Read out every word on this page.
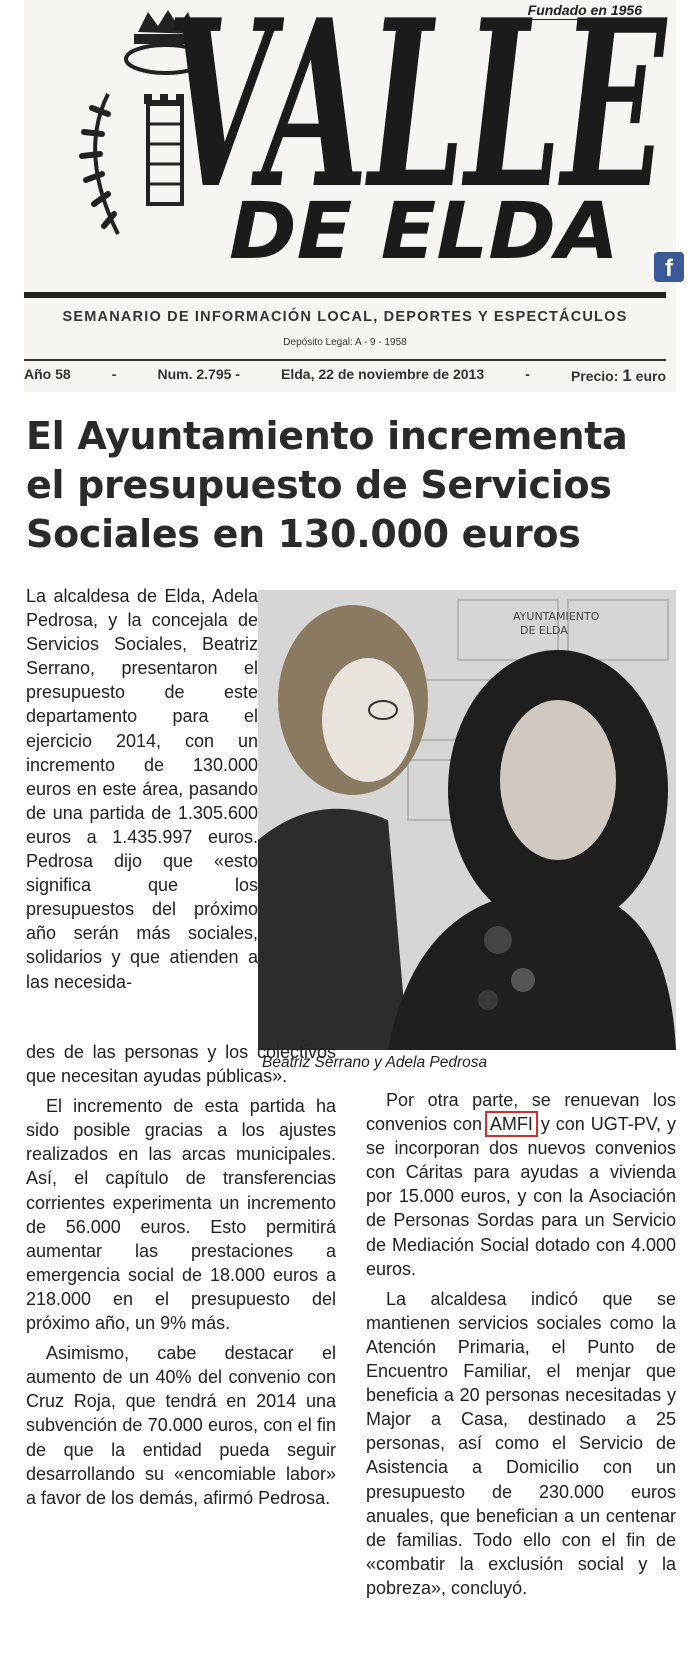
Fundado en 1956
VALLE
DE ELDA	f
SEMANARIO DE INFORMACIÓN LOCAL, DEPORTES Y ESPECTÁCULOS
Depósito Legal: A - 9 - 1958
Año 58	-	Num. 2.795 -	Elda, 22 de noviembre de 2013	-	Precio: 1 euro
El Ayuntamiento incrementa
el presupuesto de Servicios
Sociales en 130.000 euros

La alcaldesa de Elda, Adela Pedrosa, y la concejala de Servicios Sociales, Beatriz Serrano, presentaron el presupuesto de este departamento para el ejercicio 2014, con un incremento de 130.000 euros en este área, pasando de una partida de 1.305.600 euros a 1.435.997 euros. Pedrosa dijo que «esto significa que los presupuestos del próximo año serán más sociales, solidarios y que atienden a las necesida-

AYUNTAMIENTO
DE ELDA
Beatriz Serrano y Adela Pedrosa

des de las personas y los colectivos que necesitan ayudas públicas».

El incremento de esta partida ha sido posible gracias a los ajustes realizados en las arcas municipales. Así, el capítulo de transferencias corrientes experimenta un incremento de 56.000 euros. Esto permitirá aumentar las prestaciones a emergencia social de 18.000 euros a 218.000 en el presupuesto del próximo año, un 9% más.

Asimismo, cabe destacar el aumento de un 40% del convenio con Cruz Roja, que tendrá en 2014 una subvención de 70.000 euros, con el fin de que la entidad pueda seguir desarrollando su «encomiable labor» a favor de los demás, afirmó Pedrosa.

Por otra parte, se renuevan los convenios con AMFI y con UGT-PV, y se incorporan dos nuevos convenios con Cáritas para ayudas a vivienda por 15.000 euros, y con la Asociación de Personas Sordas para un Servicio de Mediación Social dotado con 4.000 euros.

La alcaldesa indicó que se mantienen servicios sociales como la Atención Primaria, el Punto de Encuentro Familiar, el menjar que beneficia a 20 personas necesitadas y Major a Casa, destinado a 25 personas, así como el Servicio de Asistencia a Domicilio con un presupuesto de 230.000 euros anuales, que benefician a un centenar de familias. Todo ello con el fin de «combatir la exclusión social y la pobreza», concluyó.
